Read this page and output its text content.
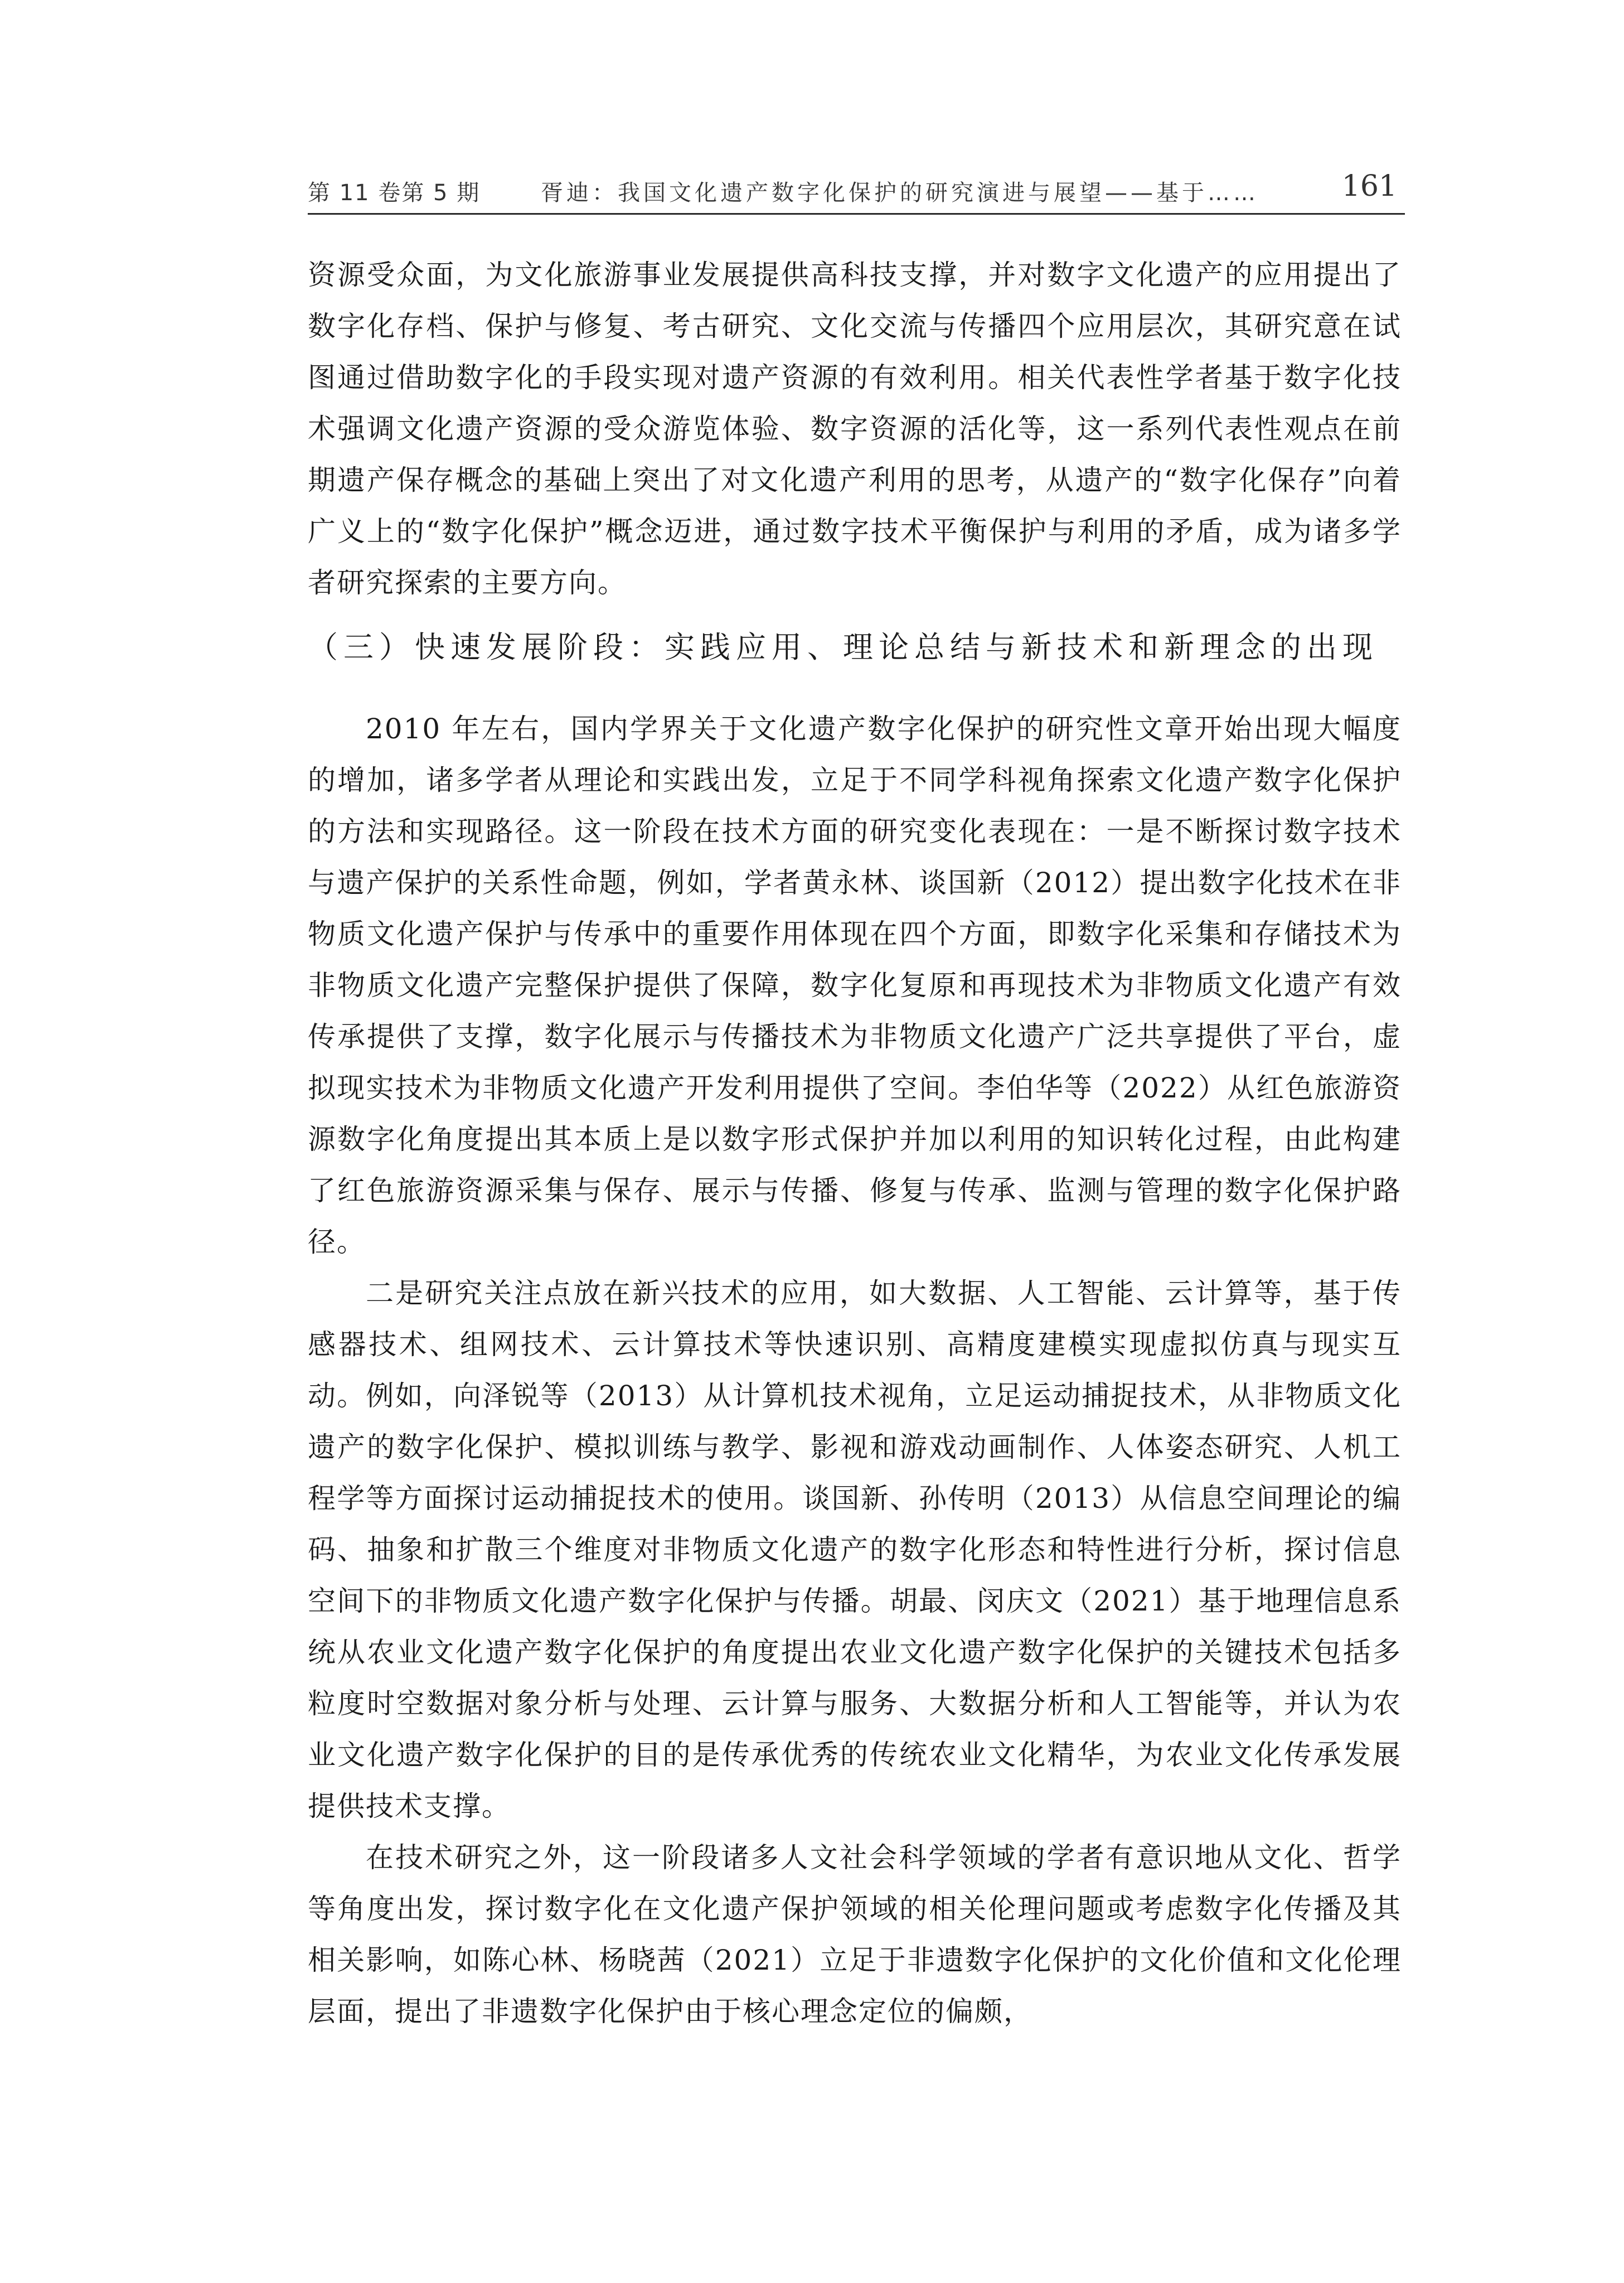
第 11 卷第 5 期	胥迪：我国文化遗产数字化保护的研究演进与展望——基于……	161

资源受众面，为文化旅游事业发展提供高科技支撑，并对数字文化遗产的应用提出了数字化存档、保护与修复、考古研究、文化交流与传播四个应用层次，其研究意在试图通过借助数字化的手段实现对遗产资源的有效利用。相关代表性学者基于数字化技术强调文化遗产资源的受众游览体验、数字资源的活化等，这一系列代表性观点在前期遗产保存概念的基础上突出了对文化遗产利用的思考，从遗产的“数字化保存”向着广义上的“数字化保护”概念迈进，通过数字技术平衡保护与利用的矛盾，成为诸多学者研究探索的主要方向。

（三）快速发展阶段：实践应用、理论总结与新技术和新理念的出现

2010 年左右，国内学界关于文化遗产数字化保护的研究性文章开始出现大幅度的增加，诸多学者从理论和实践出发，立足于不同学科视角探索文化遗产数字化保护的方法和实现路径。这一阶段在技术方面的研究变化表现在：一是不断探讨数字技术与遗产保护的关系性命题，例如，学者黄永林、谈国新（2012）提出数字化技术在非物质文化遗产保护与传承中的重要作用体现在四个方面，即数字化采集和存储技术为非物质文化遗产完整保护提供了保障，数字化复原和再现技术为非物质文化遗产有效传承提供了支撑，数字化展示与传播技术为非物质文化遗产广泛共享提供了平台，虚拟现实技术为非物质文化遗产开发利用提供了空间。李伯华等（2022）从红色旅游资源数字化角度提出其本质上是以数字形式保护并加以利用的知识转化过程，由此构建了红色旅游资源采集与保存、展示与传播、修复与传承、监测与管理的数字化保护路径。

二是研究关注点放在新兴技术的应用，如大数据、人工智能、云计算等，基于传感器技术、组网技术、云计算技术等快速识别、高精度建模实现虚拟仿真与现实互动。例如，向泽锐等（2013）从计算机技术视角，立足运动捕捉技术，从非物质文化遗产的数字化保护、模拟训练与教学、影视和游戏动画制作、人体姿态研究、人机工程学等方面探讨运动捕捉技术的使用。谈国新、孙传明（2013）从信息空间理论的编码、抽象和扩散三个维度对非物质文化遗产的数字化形态和特性进行分析，探讨信息空间下的非物质文化遗产数字化保护与传播。胡最、闵庆文（2021）基于地理信息系统从农业文化遗产数字化保护的角度提出农业文化遗产数字化保护的关键技术包括多粒度时空数据对象分析与处理、云计算与服务、大数据分析和人工智能等，并认为农业文化遗产数字化保护的目的是传承优秀的传统农业文化精华，为农业文化传承发展提供技术支撑。

在技术研究之外，这一阶段诸多人文社会科学领域的学者有意识地从文化、哲学等角度出发，探讨数字化在文化遗产保护领域的相关伦理问题或考虑数字化传播及其相关影响，如陈心林、杨晓茜（2021）立足于非遗数字化保护的文化价值和文化伦理层面，提出了非遗数字化保护由于核心理念定位的偏颇，
